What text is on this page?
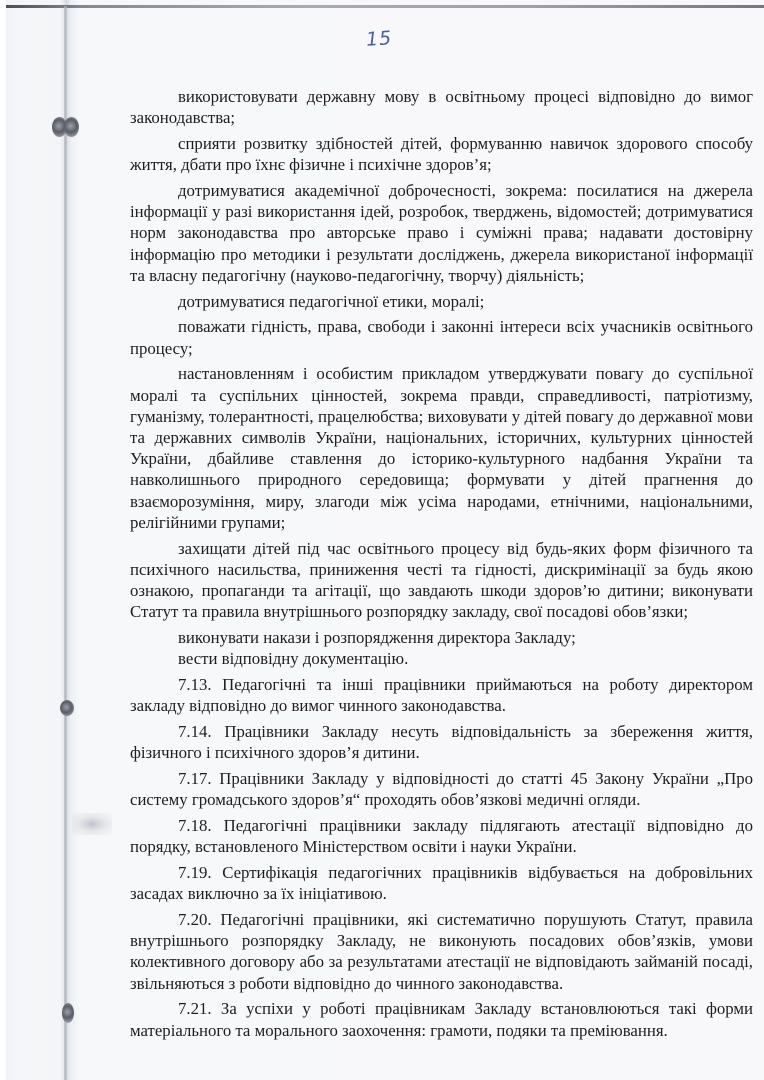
15

використовувати державну мову в освітньому процесі відповідно до вимог законодавства;

сприяти розвитку здібностей дітей, формуванню навичок здорового способу життя, дбати про їхнє фізичне і психічне здоров’я;

дотримуватися академічної доброчесності, зокрема: посилатися на джерела інформації у разі використання ідей, розробок, тверджень, відомостей; дотримуватися норм законодавства про авторське право і суміжні права; надавати достовірну інформацію про методики і результати досліджень, джерела використаної інформації та власну педагогічну (науково-педагогічну, творчу) діяльність;

дотримуватися педагогічної етики, моралі;

поважати гідність, права, свободи і законні інтереси всіх учасників освітнього процесу;

настановленням і особистим прикладом утверджувати повагу до суспільної моралі та суспільних цінностей, зокрема правди, справедливості, патріотизму, гуманізму, толерантності, працелюбства; виховувати у дітей повагу до державної мови та державних символів України, національних, історичних, культурних цінностей України, дбайливе ставлення до історико-культурного надбання України та навколишнього природного середовища; формувати у дітей прагнення до взаєморозуміння, миру, злагоди між усіма народами, етнічними, національними, релігійними групами;

захищати дітей під час освітнього процесу від будь-яких форм фізичного та психічного насильства, приниження честі та гідності, дискримінації за будь якою ознакою, пропаганди та агітації, що завдають шкоди здоров’ю дитини; виконувати Статут та правила внутрішнього розпорядку закладу, свої посадові обов’язки;

виконувати накази і розпорядження директора Закладу;

вести відповідну документацію.

7.13. Педагогічні та інші працівники приймаються на роботу директором закладу відповідно до вимог чинного законодавства.

7.14. Працівники Закладу несуть відповідальність за збереження життя, фізичного і психічного здоров’я дитини.

7.17. Працівники Закладу у відповідності до статті 45 Закону України „Про систему громадського здоров’я“ проходять обов’язкові медичні огляди.

7.18. Педагогічні працівники закладу підлягають атестації відповідно до порядку, встановленого Міністерством освіти і науки України.

7.19. Сертифікація педагогічних працівників відбувається на добровільних засадах виключно за їх ініціативою.

7.20. Педагогічні працівники, які систематично порушують Статут, правила внутрішнього розпорядку Закладу, не виконують посадових обов’язків, умови колективного договору або за результатами атестації не відповідають займаній посаді, звільняються з роботи відповідно до чинного законодавства.

7.21. За успіхи у роботі працівникам Закладу встановлюються такі форми матеріального та морального заохочення: грамоти, подяки та преміювання.
